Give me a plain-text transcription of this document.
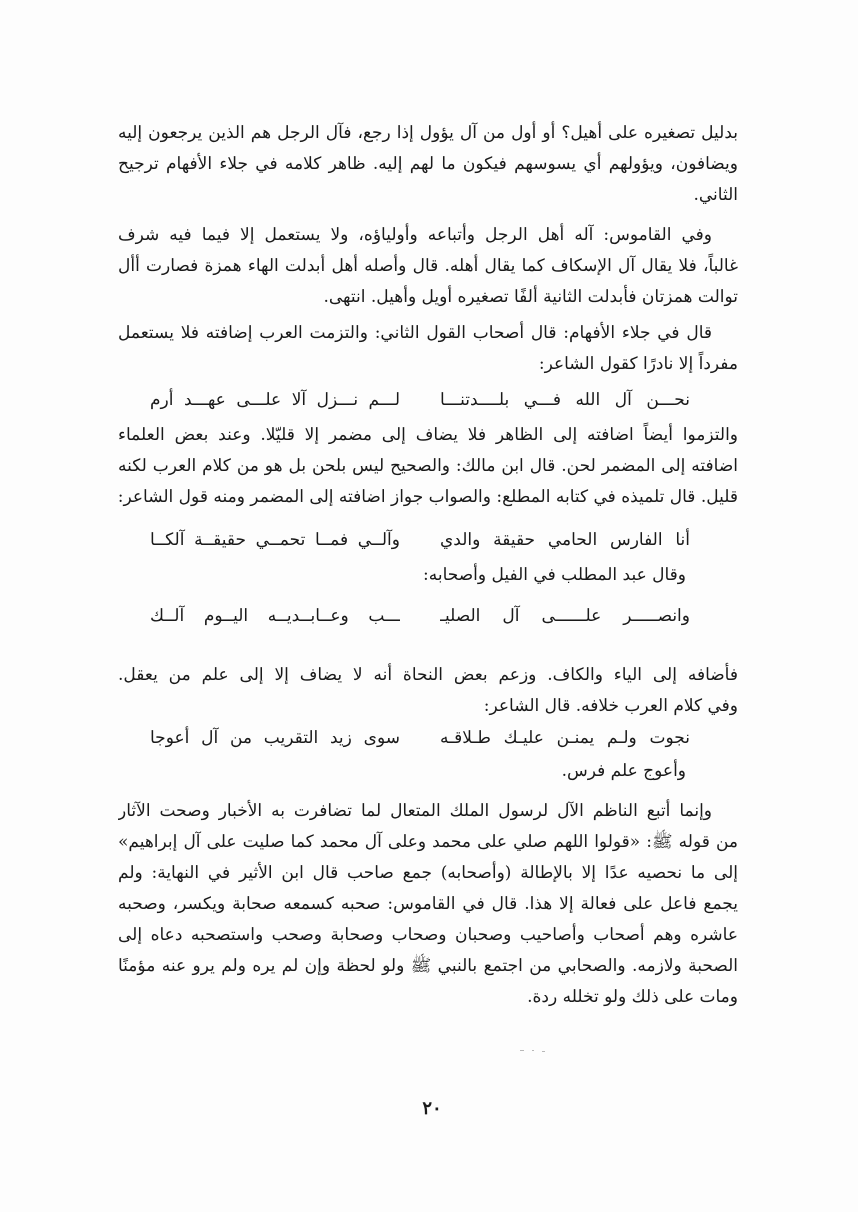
بدليل تصغيره على أهيل؟ أو أول من آل يؤول إذا رجع، فآل الرجل هم الذين يرجعون إليه
ويضافون، ويؤولهم أي يسوسهم فيكون ما لهم إليه. ظاهر كلامه في جلاء الأفهام ترجيح
الثاني.
وفي القاموس: آله أهل الرجل وأتباعه وأولياؤه، ولا يستعمل إلا فيما فيه شرف
غالباً، فلا يقال آل الإسكاف كما يقال أهله. قال وأصله أهل أبدلت الهاء همزة فصارت أأل
توالت همزتان فأبدلت الثانية ألفًا تصغيره أويل وأهيل. انتهى.
قال في جلاء الأفهام: قال أصحاب القول الثاني: والتزمت العرب إضافته فلا يستعمل
مفرداً إلا نادرًا كقول الشاعر:
نحـــن آل الله فـــي بلــــدتنـــا
لـــم نـــزل آلا علـــى عهـــد أرم
والتزموا أيضاً اضافته إلى الظاهر فلا يضاف إلى مضمر إلا قليّلا. وعند بعض العلماء
اضافته إلى المضمر لحن. قال ابن مالك: والصحيح ليس بلحن بل هو من كلام العرب لكنه
قليل. قال تلميذه في كتابه المطلع: والصواب جواز اضافته إلى المضمر ومنه قول الشاعر:
أنا الفارس الحامي حقيقة والدي
وآلــي فمــا تحمــي حقيقــة آلكــا
وقال عبد المطلب في الفيل وأصحابه:
وانصـــــر علــــــى آل الصليـ
ـــب وعــابــديــه اليــوم آلــك
فأضافه إلى الياء والكاف. وزعم بعض النحاة أنه لا يضاف إلا إلى علم من يعقل.
وفي كلام العرب خلافه. قال الشاعر:
نجوت ولـم يمنـن عليـك طـلاقـه
سوى زيد التقريب من آل أعوجا
وأعوج علم فرس.
وإنما أتبع الناظم الآل لرسول الملك المتعال لما تضافرت به الأخبار وصحت الآثار
من قوله ﷺ: «قولوا اللهم صلي على محمد وعلى آل محمد كما صليت على آل إبراهيم»
إلى ما نحصيه عدًا إلا بالإطالة (وأصحابه) جمع صاحب قال ابن الأثير في النهاية: ولم
يجمع فاعل على فعالة إلا هذا. قال في القاموس: صحبه كسمعه صحابة ويكسر، وصحبه
عاشره وهم أصحاب وأصاحيب وصحبان وصحاب وصحابة وصحب واستصحبه دعاه إلى
الصحبة ولازمه. والصحابي من اجتمع بالنبي ﷺ ولو لحظة وإن لم يره ولم يرو عنه مؤمنًا
ومات على ذلك ولو تخلله ردة.
٢٠
